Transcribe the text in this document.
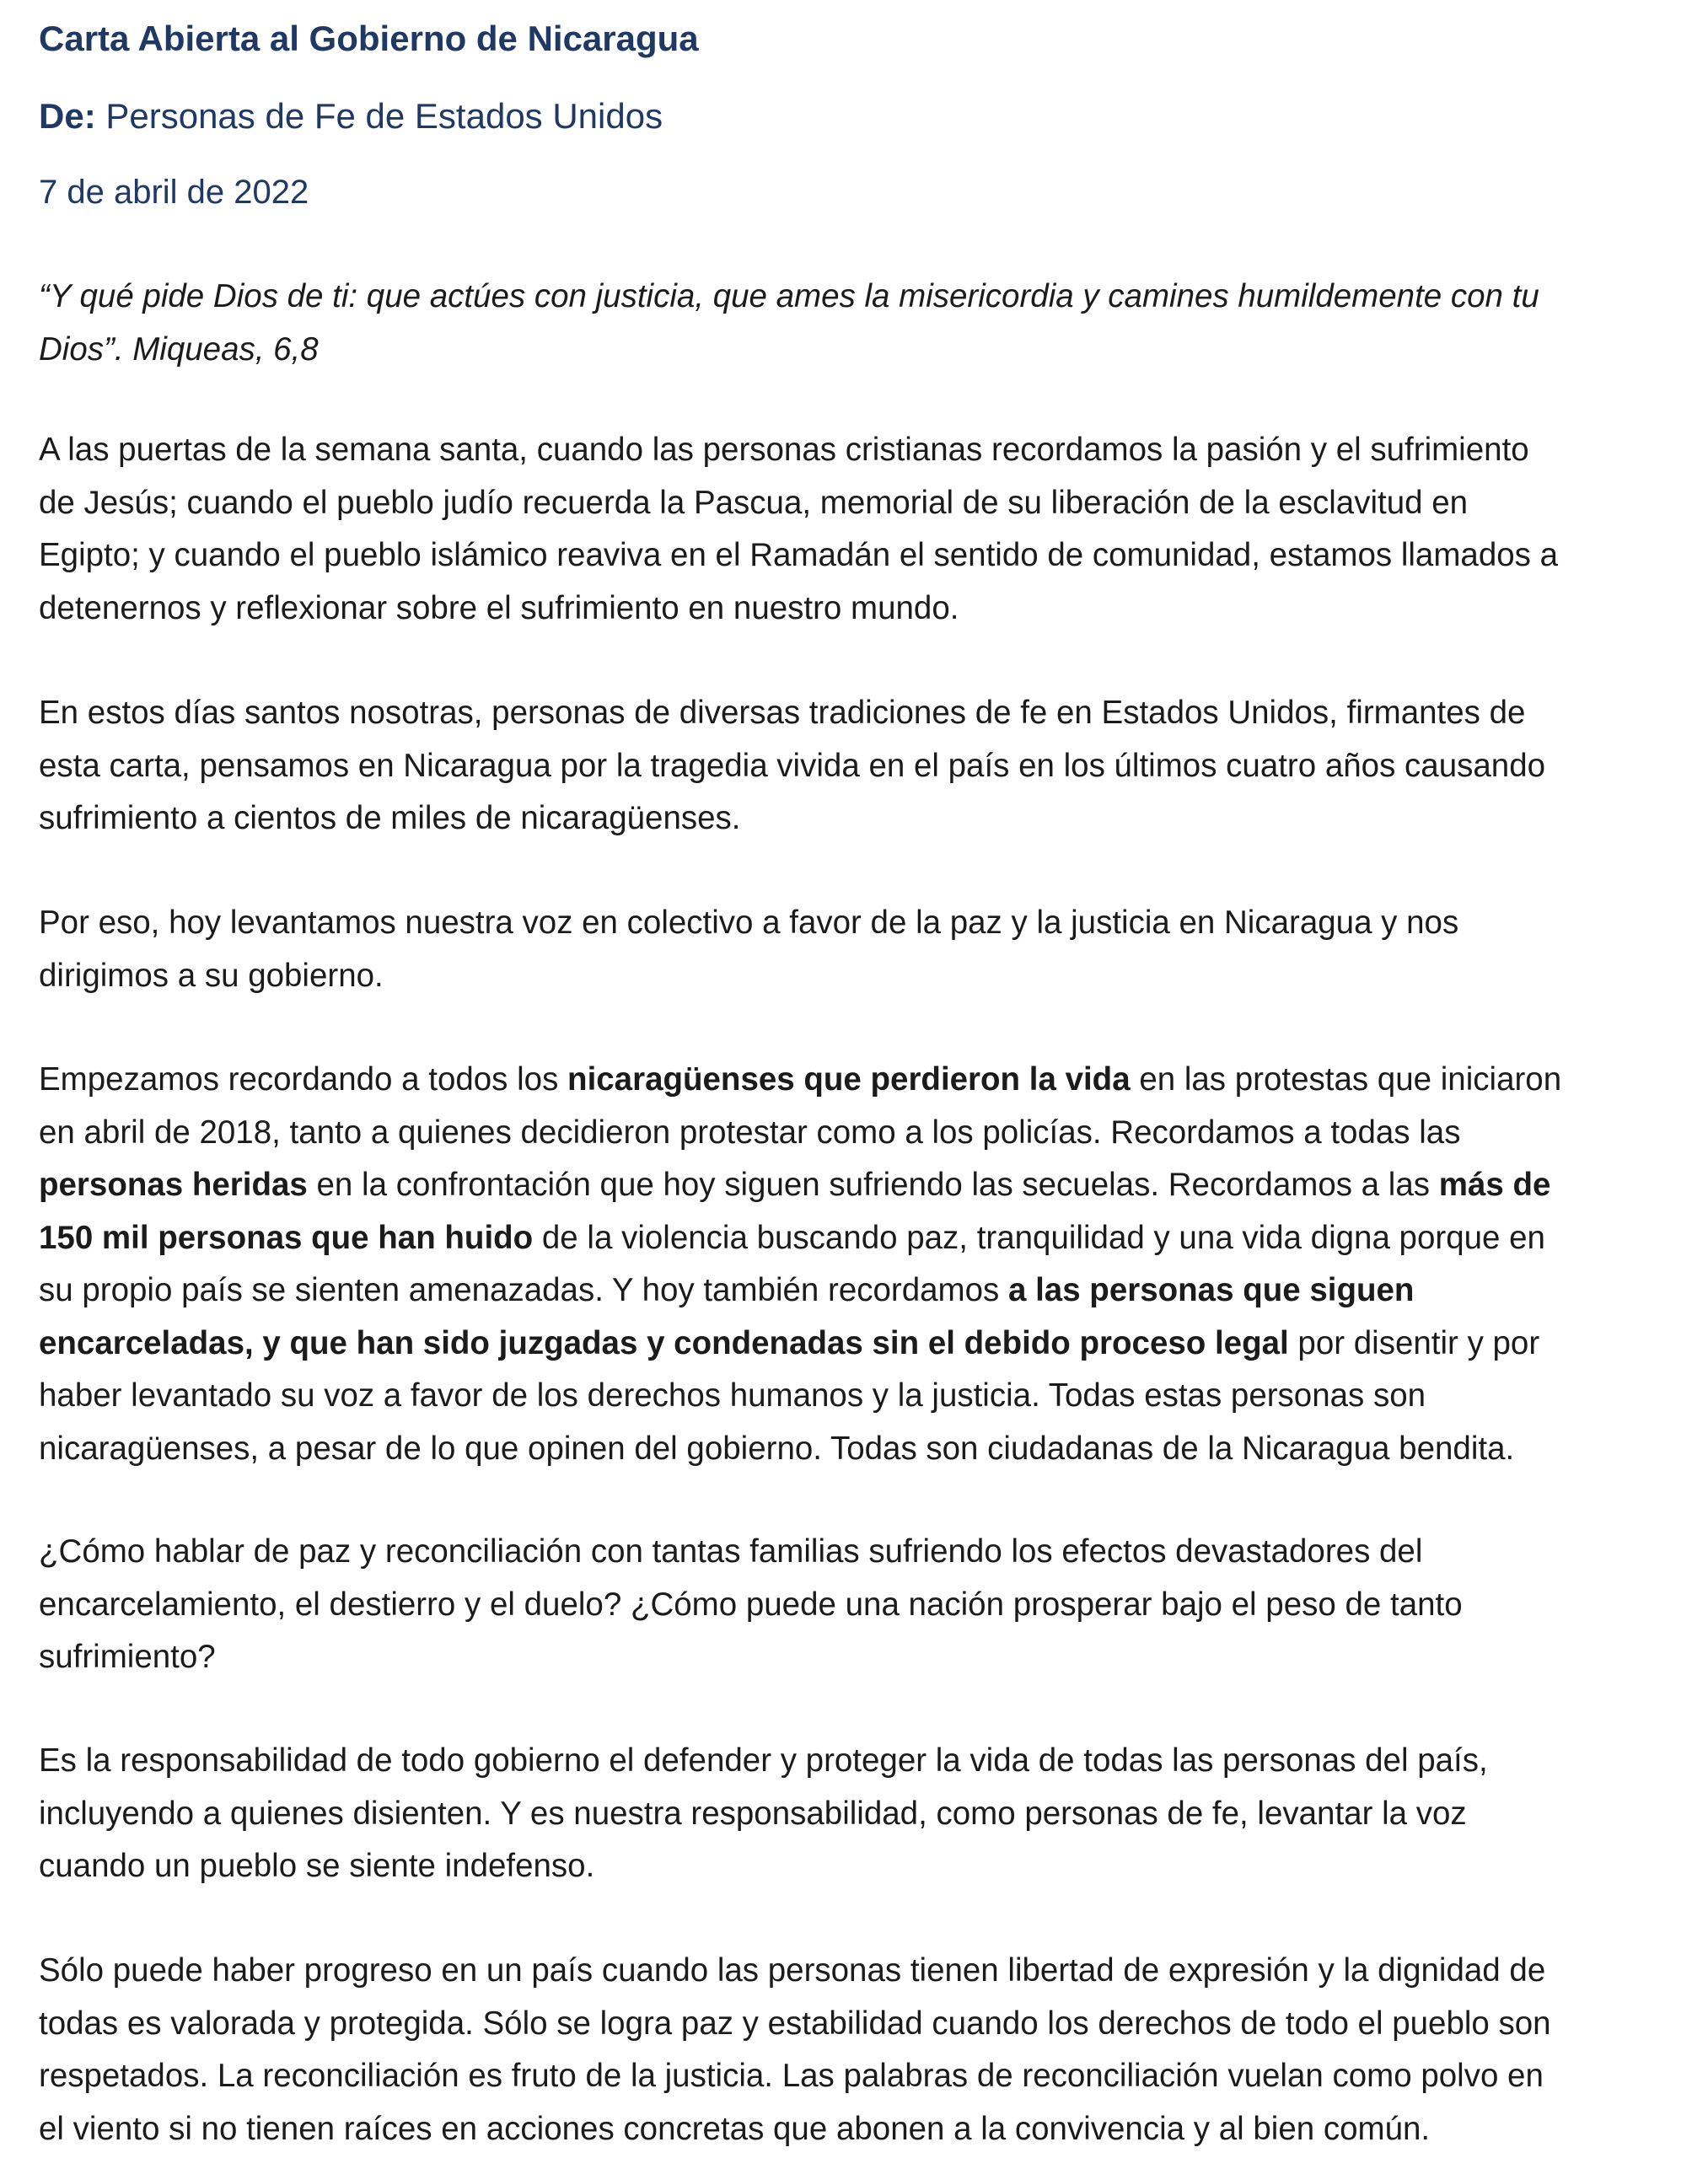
Carta Abierta al Gobierno de Nicaragua
De: Personas de Fe de Estados Unidos
7 de abril de 2022
“Y qué pide Dios de ti: que actúes con justicia, que ames la misericordia y camines humildemente con tu
Dios”. Miqueas, 6,8
A las puertas de la semana santa, cuando las personas cristianas recordamos la pasión y el sufrimiento
de Jesús; cuando el pueblo judío recuerda la Pascua, memorial de su liberación de la esclavitud en
Egipto; y cuando el pueblo islámico reaviva en el Ramadán el sentido de comunidad, estamos llamados a
detenernos y reflexionar sobre el sufrimiento en nuestro mundo.
En estos días santos nosotras, personas de diversas tradiciones de fe en Estados Unidos, firmantes de
esta carta, pensamos en Nicaragua por la tragedia vivida en el país en los últimos cuatro años causando
sufrimiento a cientos de miles de nicaragüenses.
Por eso, hoy levantamos nuestra voz en colectivo a favor de la paz y la justicia en Nicaragua y nos
dirigimos a su gobierno.
Empezamos recordando a todos los nicaragüenses que perdieron la vida en las protestas que iniciaron
en abril de 2018, tanto a quienes decidieron protestar como a los policías. Recordamos a todas las
personas heridas en la confrontación que hoy siguen sufriendo las secuelas. Recordamos a las más de
150 mil personas que han huido de la violencia buscando paz, tranquilidad y una vida digna porque en
su propio país se sienten amenazadas. Y hoy también recordamos a las personas que siguen
encarceladas, y que han sido juzgadas y condenadas sin el debido proceso legal por disentir y por
haber levantado su voz a favor de los derechos humanos y la justicia. Todas estas personas son
nicaragüenses, a pesar de lo que opinen del gobierno. Todas son ciudadanas de la Nicaragua bendita.
¿Cómo hablar de paz y reconciliación con tantas familias sufriendo los efectos devastadores del
encarcelamiento, el destierro y el duelo? ¿Cómo puede una nación prosperar bajo el peso de tanto
sufrimiento?
Es la responsabilidad de todo gobierno el defender y proteger la vida de todas las personas del país,
incluyendo a quienes disienten. Y es nuestra responsabilidad, como personas de fe, levantar la voz
cuando un pueblo se siente indefenso.
Sólo puede haber progreso en un país cuando las personas tienen libertad de expresión y la dignidad de
todas es valorada y protegida. Sólo se logra paz y estabilidad cuando los derechos de todo el pueblo son
respetados. La reconciliación es fruto de la justicia. Las palabras de reconciliación vuelan como polvo en
el viento si no tienen raíces en acciones concretas que abonen a la convivencia y al bien común.
